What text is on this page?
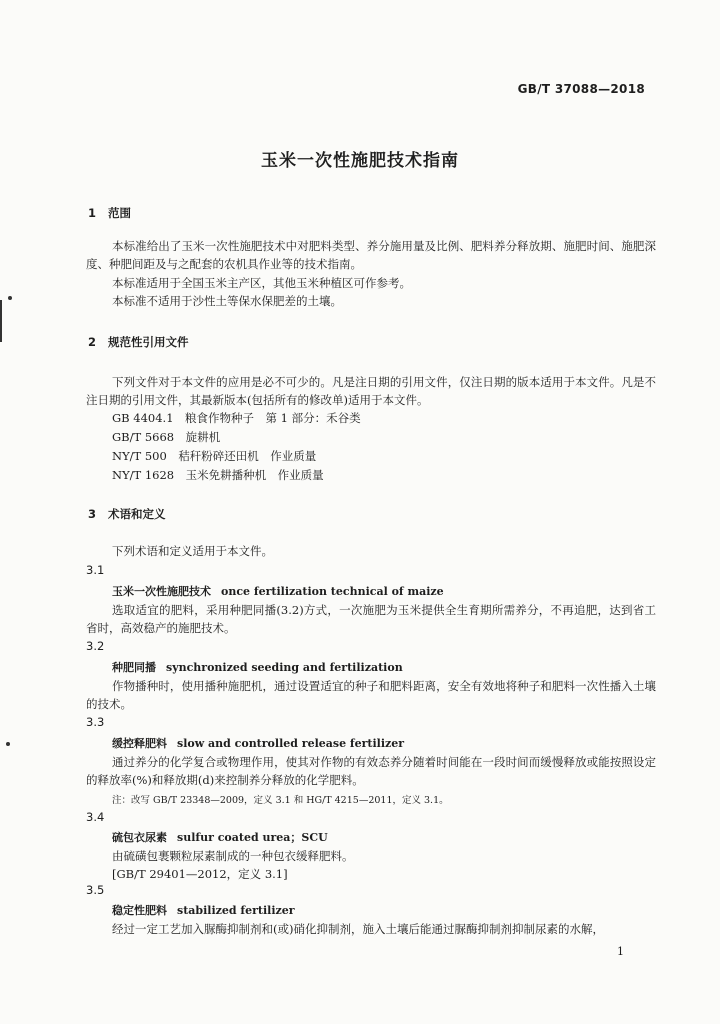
GB/T 37088—2018
玉米一次性施肥技术指南
1 范围
本标准给出了玉米一次性施肥技术中对肥料类型、养分施用量及比例、肥料养分释放期、施肥时间、施肥深度、种肥间距及与之配套的农机具作业等的技术指南。
本标准适用于全国玉米主产区，其他玉米种植区可作参考。
本标准不适用于沙性土等保水保肥差的土壤。
2 规范性引用文件
下列文件对于本文件的应用是必不可少的。凡是注日期的引用文件，仅注日期的版本适用于本文件。凡是不注日期的引用文件，其最新版本(包括所有的修改单)适用于本文件。
GB 4404.1　粮食作物种子　第 1 部分：禾谷类
GB/T 5668　旋耕机
NY/T 500　秸秆粉碎还田机　作业质量
NY/T 1628　玉米免耕播种机　作业质量
3 术语和定义
下列术语和定义适用于本文件。
3.1
玉米一次性施肥技术 once fertilization technical of maize
选取适宜的肥料，采用种肥同播(3.2)方式，一次施肥为玉米提供全生育期所需养分，不再追肥，达到省工省时，高效稳产的施肥技术。
3.2
种肥同播 synchronized seeding and fertilization
作物播种时，使用播种施肥机，通过设置适宜的种子和肥料距离，安全有效地将种子和肥料一次性播入土壤的技术。
3.3
缓控释肥料 slow and controlled release fertilizer
通过养分的化学复合或物理作用，使其对作物的有效态养分随着时间能在一段时间而缓慢释放或能按照设定的释放率(%)和释放期(d)来控制养分释放的化学肥料。
注：改写 GB/T 23348—2009，定义 3.1 和 HG/T 4215—2011，定义 3.1。
3.4
硫包衣尿素 sulfur coated urea；SCU
由硫磺包裹颗粒尿素制成的一种包衣缓释肥料。
[GB/T 29401—2012，定义 3.1]
3.5
稳定性肥料 stabilized fertilizer
经过一定工艺加入脲酶抑制剂和(或)硝化抑制剂，施入土壤后能通过脲酶抑制剂抑制尿素的水解，
1
